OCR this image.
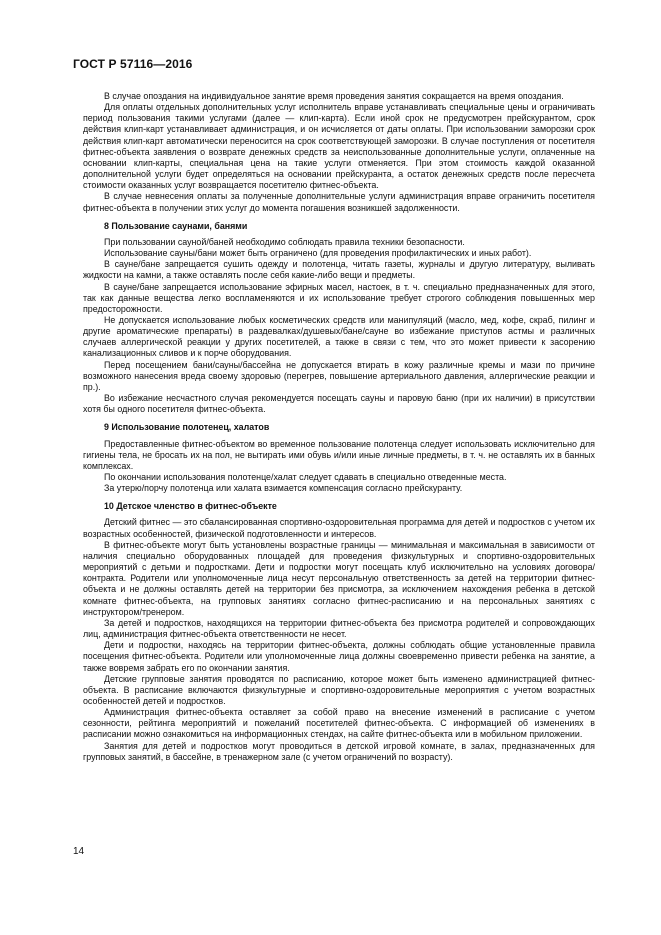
ГОСТ Р 57116—2016

В случае опоздания на индивидуальное занятие время проведения занятия сокращается на время опоздания.

Для оплаты отдельных дополнительных услуг исполнитель вправе устанавливать специальные цены и ограничивать период пользования такими услугами (далее — клип-карта). Если иной срок не предусмотрен прейскурантом, срок действия клип-карт устанавливает администрация, и он исчисляется от даты оплаты. При использовании заморозки срок действия клип-карт автоматически переносится на срок соответствующей заморозки. В случае поступления от посетителя фитнес-объекта заявления о возврате денежных средств за неиспользованные дополнительные услуги, оплаченные на основании клип-карты, специальная цена на такие услуги отменяется. При этом стоимость каждой оказанной дополнительной услуги будет определяться на основании прейскуранта, а остаток денежных средств после пересчета стоимости оказанных услуг возвращается посетителю фитнес-объекта.

В случае невнесения оплаты за полученные дополнительные услуги администрация вправе ограничить посетителя фитнес-объекта в получении этих услуг до момента погашения возникшей задолженности.

8 Пользование саунами, банями

При пользовании сауной/баней необходимо соблюдать правила техники безопасности.

Использование сауны/бани может быть ограничено (для проведения профилактических и иных работ).

В сауне/бане запрещается сушить одежду и полотенца, читать газеты, журналы и другую литературу, выливать жидкости на камни, а также оставлять после себя какие-либо вещи и предметы.

В сауне/бане запрещается использование эфирных масел, настоек, в т. ч. специально предназначенных для этого, так как данные вещества легко воспламеняются и их использование требует строгого соблюдения повышенных мер предосторожности.

Не допускается использование любых косметических средств или манипуляций (масло, мед, кофе, скраб, пилинг и другие ароматические препараты) в раздевалках/душевых/бане/сауне во избежание приступов астмы и различных случаев аллергической реакции у других посетителей, а также в связи с тем, что это может привести к засорению канализационных сливов и к порче оборудования.

Перед посещением бани/сауны/бассейна не допускается втирать в кожу различные кремы и мази по причине возможного нанесения вреда своему здоровью (перегрев, повышение артериального давления, аллергические реакции и пр.).

Во избежание несчастного случая рекомендуется посещать сауны и паровую баню (при их наличии) в присутствии хотя бы одного посетителя фитнес-объекта.

9 Использование полотенец, халатов

Предоставленные фитнес-объектом во временное пользование полотенца следует использовать исключительно для гигиены тела, не бросать их на пол, не вытирать ими обувь и/или иные личные предметы, в т. ч. не оставлять их в банных комплексах.

По окончании использования полотенце/халат следует сдавать в специально отведенные места.

За утерю/порчу полотенца или халата взимается компенсация согласно прейскуранту.

10 Детское членство в фитнес-объекте

Детский фитнес — это сбалансированная спортивно-оздоровительная программа для детей и подростков с учетом их возрастных особенностей, физической подготовленности и интересов.

В фитнес-объекте могут быть установлены возрастные границы — минимальная и максимальная в зависимости от наличия специально оборудованных площадей для проведения физкультурных и спортивно-оздоровительных мероприятий с детьми и подростками. Дети и подростки могут посещать клуб исключительно на условиях договора/контракта. Родители или уполномоченные лица несут персональную ответственность за детей на территории фитнес-объекта и не должны оставлять детей на территории без присмотра, за исключением нахождения ребенка в детской комнате фитнес-объекта, на групповых занятиях согласно фитнес-расписанию и на персональных занятиях с инструктором/тренером.

За детей и подростков, находящихся на территории фитнес-объекта без присмотра родителей и сопровождающих лиц, администрация фитнес-объекта ответственности не несет.

Дети и подростки, находясь на территории фитнес-объекта, должны соблюдать общие установленные правила посещения фитнес-объекта. Родители или уполномоченные лица должны своевременно привести ребенка на занятие, а также вовремя забрать его по окончании занятия.

Детские групповые занятия проводятся по расписанию, которое может быть изменено администрацией фитнес-объекта. В расписание включаются физкультурные и спортивно-оздоровительные мероприятия с учетом возрастных особенностей детей и подростков.

Администрация фитнес-объекта оставляет за собой право на внесение изменений в расписание с учетом сезонности, рейтинга мероприятий и пожеланий посетителей фитнес-объекта. С информацией об изменениях в расписании можно ознакомиться на информационных стендах, на сайте фитнес-объекта или в мобильном приложении.

Занятия для детей и подростков могут проводиться в детской игровой комнате, в залах, предназначенных для групповых занятий, в бассейне, в тренажерном зале (с учетом ограничений по возрасту).

14
